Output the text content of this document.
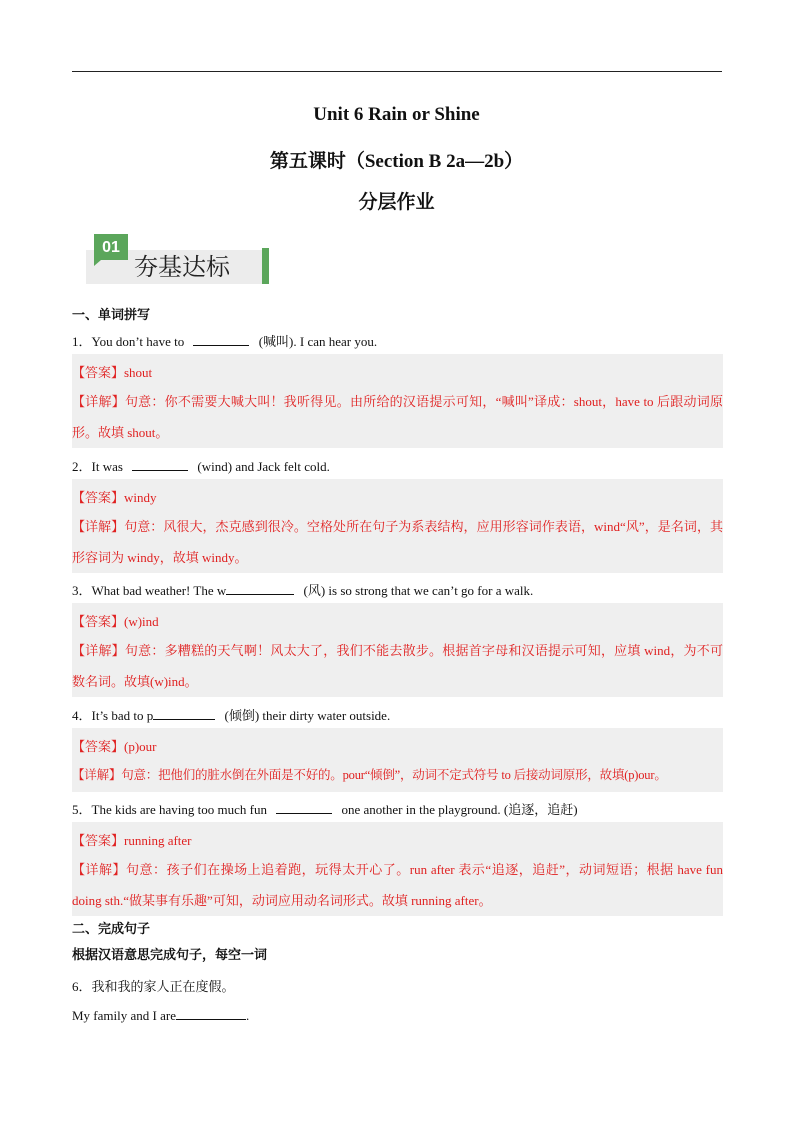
Unit 6 Rain or Shine
第五课时（Section B 2a—2b）
分层作业
01
夯基达标
一、单词拼写
1．You don’t have to	(喊叫). I can hear you.
【答案】shout
【详解】句意：你不需要大喊大叫！我听得见。由所给的汉语提示可知，“喊叫”译成：shout，have to 后跟动词原形。故填 shout。
2．It was	(wind) and Jack felt cold.
【答案】windy
【详解】句意：风很大，杰克感到很冷。空格处所在句子为系表结构，应用形容词作表语，wind“风”，是名词，其形容词为 windy，故填 windy。
3．What bad weather! The w	(风) is so strong that we can’t go for a walk.
【答案】(w)ind
【详解】句意：多糟糕的天气啊！风太大了，我们不能去散步。根据首字母和汉语提示可知，应填 wind，为不可数名词。故填(w)ind。
4．It’s bad to p	(倾倒) their dirty water outside.
【答案】(p)our
【详解】句意：把他们的脏水倒在外面是不好的。pour“倾倒”，动词不定式符号 to 后接动词原形，故填(p)our。
5．The kids are having too much fun	one another in the playground. (追逐，追赶)
【答案】running after
【详解】句意：孩子们在操场上追着跑，玩得太开心了。run after 表示“追逐，追赶”，动词短语；根据 have fun doing sth.“做某事有乐趣”可知，动词应用动名词形式。故填 running after。
二、完成句子
根据汉语意思完成句子，每空一词
6．我和我的家人正在度假。
My family and I are	.
